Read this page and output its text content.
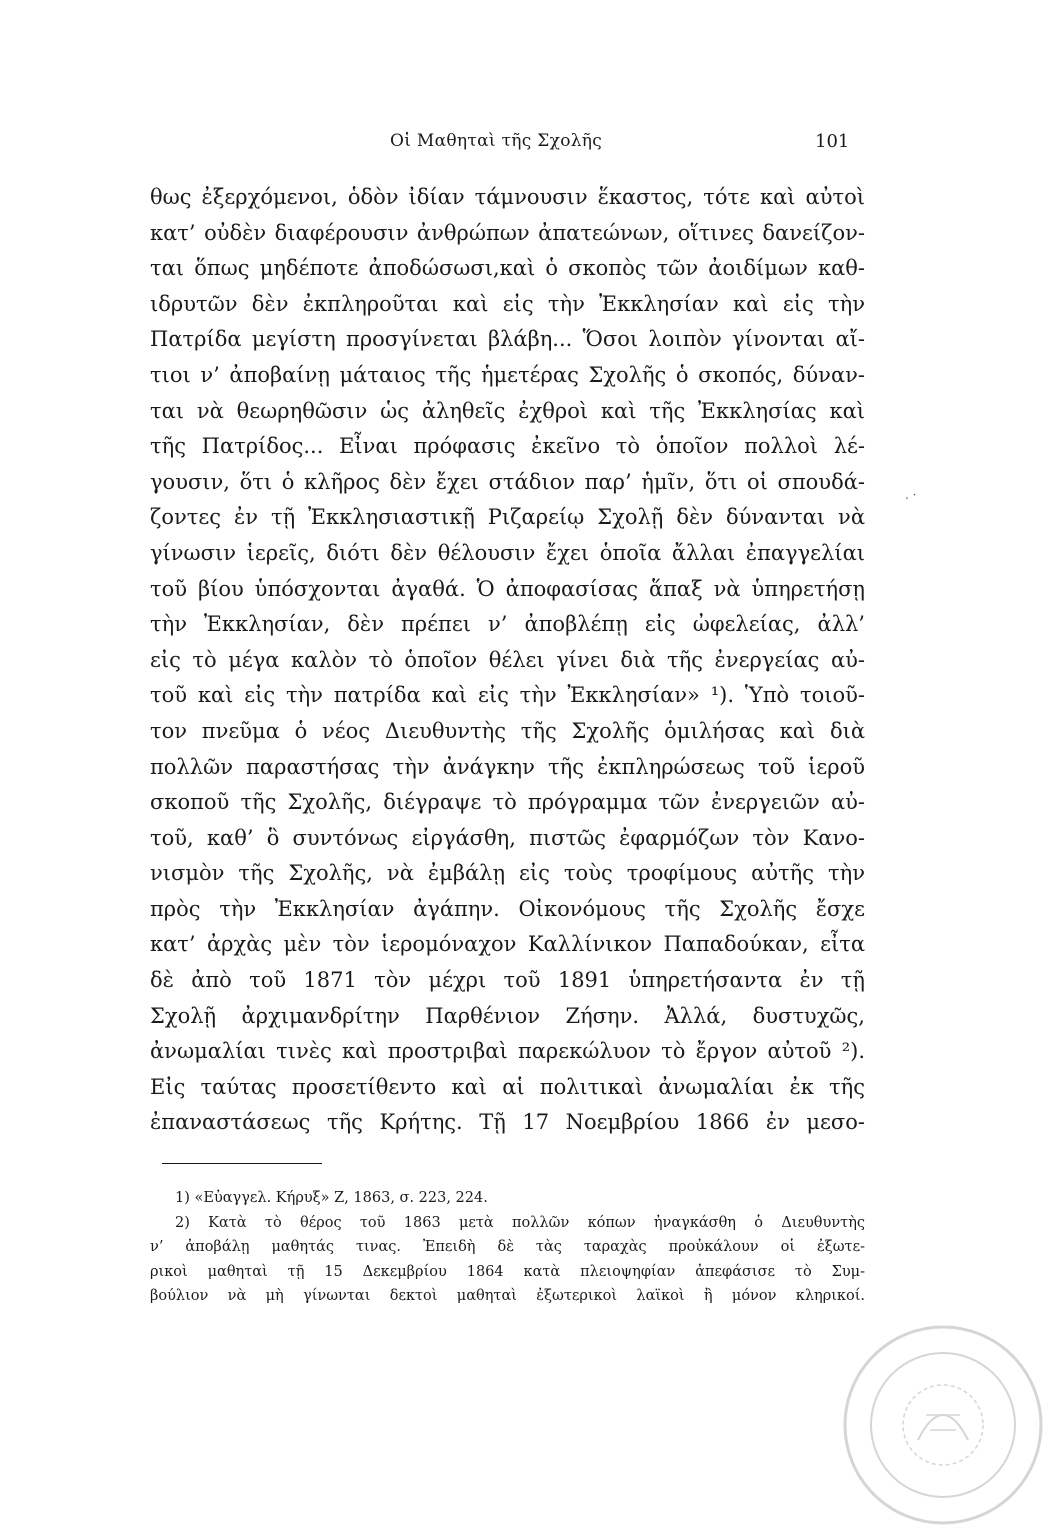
Οἱ Μαθηταὶ τῆς Σχολῆς	101
θως ἐξερχόμενοι, ὁδὸν ἰδίαν τάμνουσιν ἕκαστος, τότε καὶ αὐτοὶ
κατ’ οὐδὲν διαφέρουσιν ἀνθρώπων ἀπατεώνων, οἵτινες δανείζον-
ται ὅπως μηδέποτε ἀποδώσωσι,καὶ ὁ σκοπὸς τῶν ἀοιδίμων καθ-
ιδρυτῶν δὲν ἐκπληροῦται καὶ εἰς τὴν Ἐκκλησίαν καὶ εἰς τὴν
Πατρίδα μεγίστη προσγίνεται βλάβη... Ὅσοι λοιπὸν γίνονται αἴ-
τιοι ν’ ἀποβαίνῃ μάταιος τῆς ἡμετέρας Σχολῆς ὁ σκοπός, δύναν-
ται νὰ θεωρηθῶσιν ὡς ἀληθεῖς ἐχθροὶ καὶ τῆς Ἐκκλησίας καὶ
τῆς Πατρίδος... Εἶναι πρόφασις ἐκεῖνο τὸ ὁποῖον πολλοὶ λέ-
γουσιν, ὅτι ὁ κλῆρος δὲν ἔχει στάδιον παρ’ ἡμῖν, ὅτι οἱ σπουδά-
ζοντες ἐν τῇ Ἐκκλησιαστικῇ Ριζαρείῳ Σχολῇ δὲν δύνανται νὰ
γίνωσιν ἱερεῖς, διότι δὲν θέλουσιν ἔχει ὁποῖα ἄλλαι ἐπαγγελίαι
τοῦ βίου ὑπόσχονται ἀγαθά. Ὁ ἀποφασίσας ἅπαξ νὰ ὑπηρετήσῃ
τὴν Ἐκκλησίαν, δὲν πρέπει ν’ ἀποβλέπῃ εἰς ὠφελείας, ἀλλ’
εἰς τὸ μέγα καλὸν τὸ ὁποῖον θέλει γίνει διὰ τῆς ἐνεργείας αὐ-
τοῦ καὶ εἰς τὴν πατρίδα καὶ εἰς τὴν Ἐκκλησίαν» ¹). Ὑπὸ τοιοῦ-
τον πνεῦμα ὁ νέος Διευθυντὴς τῆς Σχολῆς ὁμιλήσας καὶ διὰ
πολλῶν παραστήσας τὴν ἀνάγκην τῆς ἐκπληρώσεως τοῦ ἱεροῦ
σκοποῦ τῆς Σχολῆς, διέγραψε τὸ πρόγραμμα τῶν ἐνεργειῶν αὐ-
τοῦ, καθ’ ὃ συντόνως εἰργάσθη, πιστῶς ἐφαρμόζων τὸν Κανο-
νισμὸν τῆς Σχολῆς, νὰ ἐμβάλῃ εἰς τοὺς τροφίμους αὐτῆς τὴν
πρὸς τὴν Ἐκκλησίαν ἀγάπην. Οἰκονόμους τῆς Σχολῆς ἔσχε
κατ’ ἀρχὰς μὲν τὸν ἱερομόναχον Καλλίνικον Παπαδούκαν, εἶτα
δὲ ἀπὸ τοῦ 1871 τὸν μέχρι τοῦ 1891 ὑπηρετήσαντα ἐν τῇ
Σχολῇ ἀρχιμανδρίτην Παρθένιον Ζήσην. Ἀλλά, δυστυχῶς,
ἀνωμαλίαι τινὲς καὶ προστριβαὶ παρεκώλυον τὸ ἔργον αὐτοῦ ²).
Εἰς ταύτας προσετίθεντο καὶ αἱ πολιτικαὶ ἀνωμαλίαι ἐκ τῆς
ἐπαναστάσεως τῆς Κρήτης. Τῇ 17 Νοεμβρίου 1866 ἐν μεσο-
. ·
1) «Εὐαγγελ. Κήρυξ» Ζ, 1863, σ. 223, 224.
2) Κατὰ τὸ θέρος τοῦ 1863 μετὰ πολλῶν κόπων ἠναγκάσθη ὁ Διευθυντὴς
ν’ ἀποβάλῃ μαθητάς τινας. Ἐπειδὴ δὲ τὰς ταραχὰς προὐκάλουν οἱ ἐξωτε-
ρικοὶ μαθηταὶ τῇ 15 Δεκεμβρίου 1864 κατὰ πλειοψηφίαν ἀπεφάσισε τὸ Συμ-
βούλιον νὰ μὴ γίνωνται δεκτοὶ μαθηταὶ ἐξωτερικοὶ λαϊκοὶ ἢ μόνον κληρικοί.
